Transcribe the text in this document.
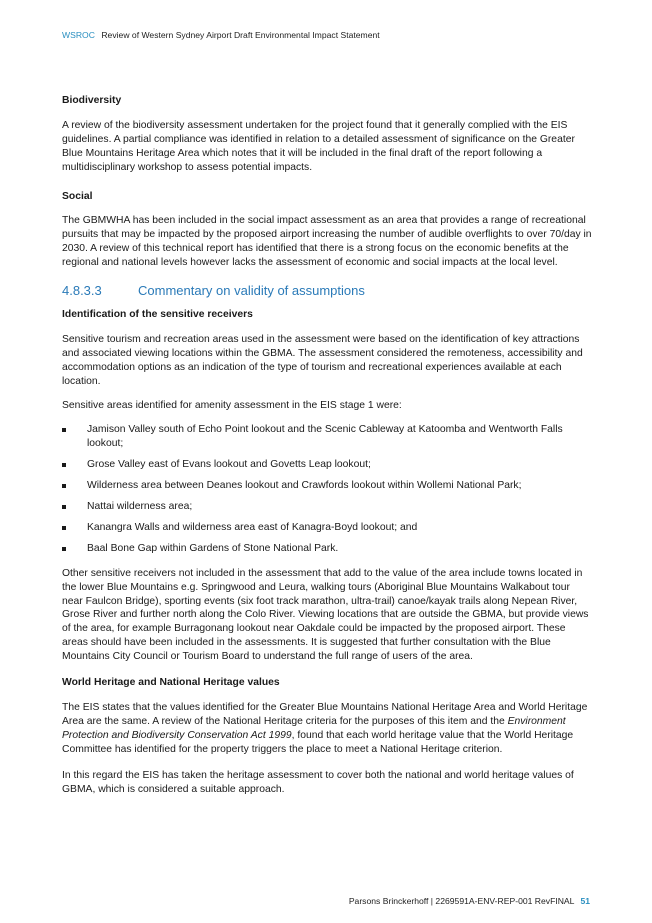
WSROC Review of Western Sydney Airport Draft Environmental Impact Statement
Biodiversity

A review of the biodiversity assessment undertaken for the project found that it generally complied with the EIS guidelines. A partial compliance was identified in relation to a detailed assessment of significance on the Greater Blue Mountains Heritage Area which notes that it will be included in the final draft of the report following a multidisciplinary workshop to assess potential impacts.

Social

The GBMWHA has been included in the social impact assessment as an area that provides a range of recreational pursuits that may be impacted by the proposed airport increasing the number of audible overflights to over 70/day in 2030. A review of this technical report has identified that there is a strong focus on the economic benefits at the regional and national levels however lacks the assessment of economic and social impacts at the local level.

4.8.3.3	Commentary on validity of assumptions
Identification of the sensitive receivers

Sensitive tourism and recreation areas used in the assessment were based on the identification of key attractions and associated viewing locations within the GBMA. The assessment considered the remoteness, accessibility and accommodation options as an indication of the type of tourism and recreational experiences available at each location.

Sensitive areas identified for amenity assessment in the EIS stage 1 were:

Jamison Valley south of Echo Point lookout and the Scenic Cableway at Katoomba and Wentworth Falls lookout;
Grose Valley east of Evans lookout and Govetts Leap lookout;
Wilderness area between Deanes lookout and Crawfords lookout within Wollemi National Park;
Nattai wilderness area;
Kanangra Walls and wilderness area east of Kanagra-Boyd lookout; and
Baal Bone Gap within Gardens of Stone National Park.

Other sensitive receivers not included in the assessment that add to the value of the area include towns located in the lower Blue Mountains e.g. Springwood and Leura, walking tours (Aboriginal Blue Mountains Walkabout tour near Faulcon Bridge), sporting events (six foot track marathon, ultra-trail) canoe/kayak trails along Nepean River, Grose River and further north along the Colo River. Viewing locations that are outside the GBMA, but provide views of the area, for example Burragonang lookout near Oakdale could be impacted by the proposed airport. These areas should have been included in the assessments. It is suggested that further consultation with the Blue Mountains City Council or Tourism Board to understand the full range of users of the area.

World Heritage and National Heritage values

The EIS states that the values identified for the Greater Blue Mountains National Heritage Area and World Heritage Area are the same. A review of the National Heritage criteria for the purposes of this item and the Environment Protection and Biodiversity Conservation Act 1999, found that each world heritage value that the World Heritage Committee has identified for the property triggers the place to meet a National Heritage criterion.

In this regard the EIS has taken the heritage assessment to cover both the national and world heritage values of GBMA, which is considered a suitable approach.

Parsons Brinckerhoff | 2269591A-ENV-REP-001 RevFINAL 51
